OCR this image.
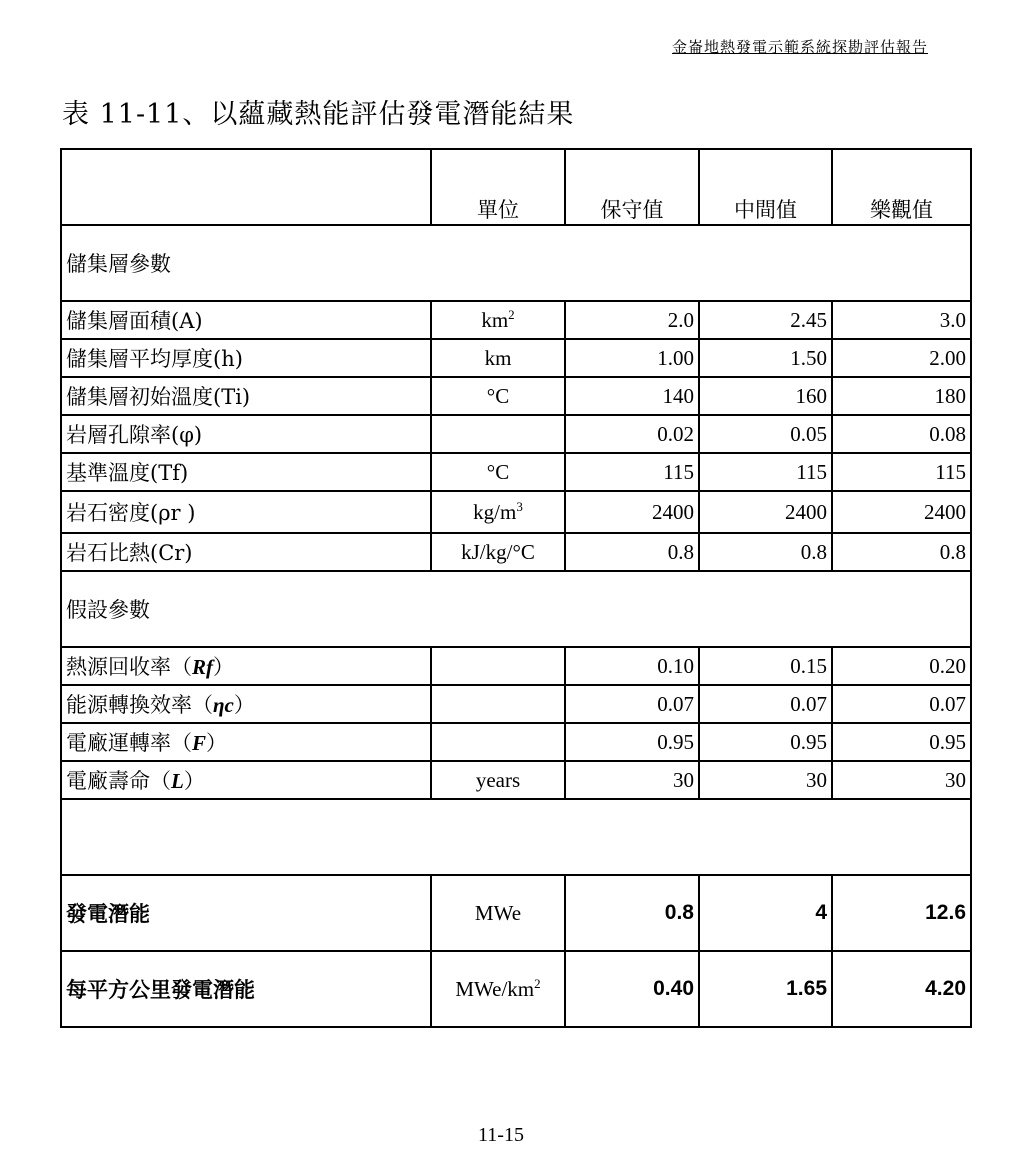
金崙地熱發電示範系統探勘評估報告
表 11-11、以蘊藏熱能評估發電潛能結果
	單位	保守值	中間值	樂觀值
儲集層參數				
儲集層面積(A)	$km^2$	2.0	2.45	3.0
儲集層平均厚度(h)	km	1.00	1.50	2.00
儲集層初始溫度(Ti)	°C	140	160	180
岩層孔隙率(φ)		0.02	0.05	0.08
基準溫度(Tf)	°C	115	115	115
岩石密度(ρr )	$kg/m^3$	2400	2400	2400
岩石比熱(Cr)	kJ/kg/°C	0.8	0.8	0.8
假設參數				
熱源回收率（Rf）		0.10	0.15	0.20
能源轉換效率（ηc）		0.07	0.07	0.07
電廠運轉率（F）		0.95	0.95	0.95
電廠壽命（L）	years	30	30	30

發電潛能	MWe	0.8	4	12.6
每平方公里發電潛能	MWe/$km^2$	0.40	1.65	4.20
11-15
